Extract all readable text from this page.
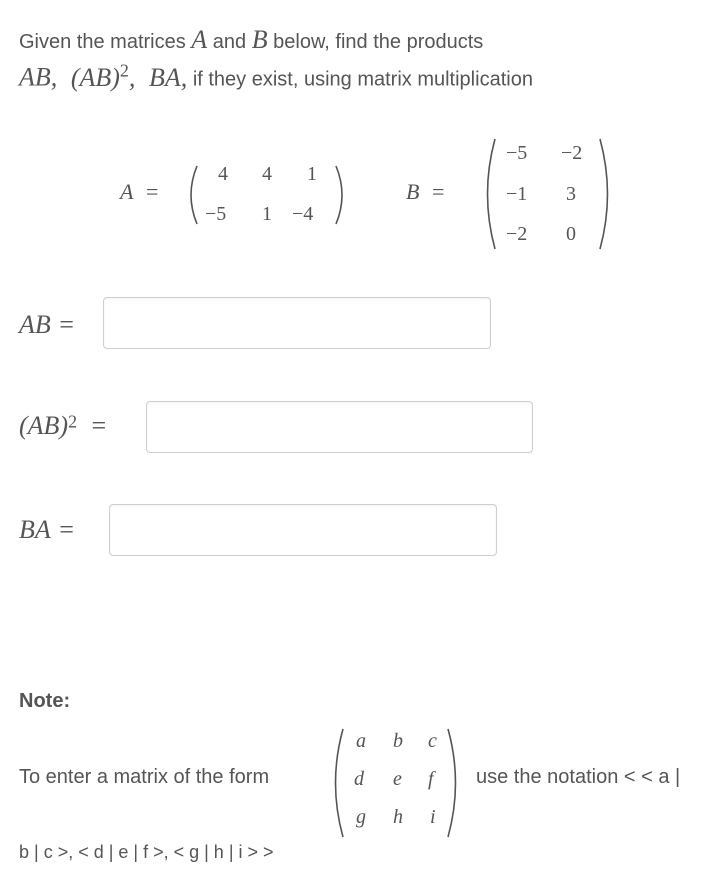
Given the matrices A and B below, find the products
AB, (AB)$^2$, BA, if they exist, using matrix multiplication
A =
4 4 1
−5 1 −4
B =
−5 −2
−1 3
−2 0
AB =
(AB)$^2$ =
BA =
Note:
To enter a matrix of the form
a b c
d e f
g h i
use the notation < < a |
b | c >, < d | e | f >, < g | h | i > >
